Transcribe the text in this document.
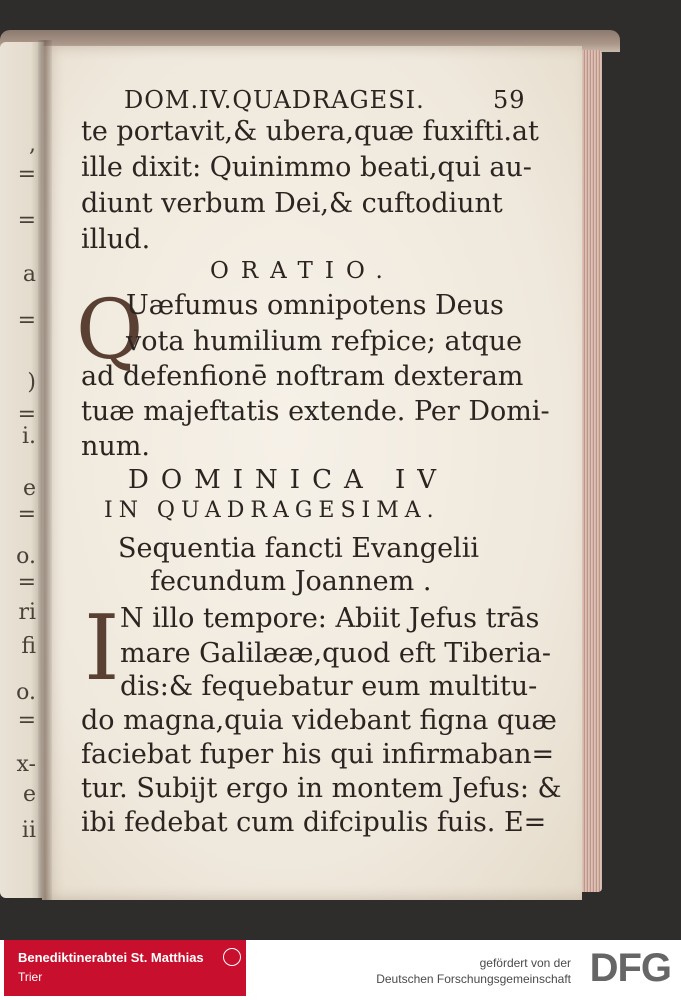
,
=
=
a
=
)
=
i.
e
=
o.
=
ri
fi
o.
=
x-
e
ii
DOM.IV.QUADRAGESI.	59
te portavit,& ubera,quæ fuxifti.at
ille dixit: Quinimmo beati,qui au-
diunt verbum Dei,& cuftodiunt
illud.
ORATIO.
Q
Uæfumus omnipotens Deus
vota humilium refpice; atque
ad defenfionē noftram dexteram
tuæ majeftatis extende. Per Domi-
num.
DOMINICA IV
IN QUADRAGESIMA.
Sequentia fancti Evangelii
fecundum Joannem .
I N illo tempore: Abiit Jefus trās
mare Galilææ,quod eft Tiberia-
dis:& fequebatur eum multitu-
do magna,quia videbant figna quæ
faciebat fuper his qui infirmaban=
tur. Subijt ergo in montem Jefus: &
ibi fedebat cum difcipulis fuis. E=
Benediktinerabtei St. Matthias
Trier
gefördert von der
Deutschen Forschungsgemeinschaft DFG
